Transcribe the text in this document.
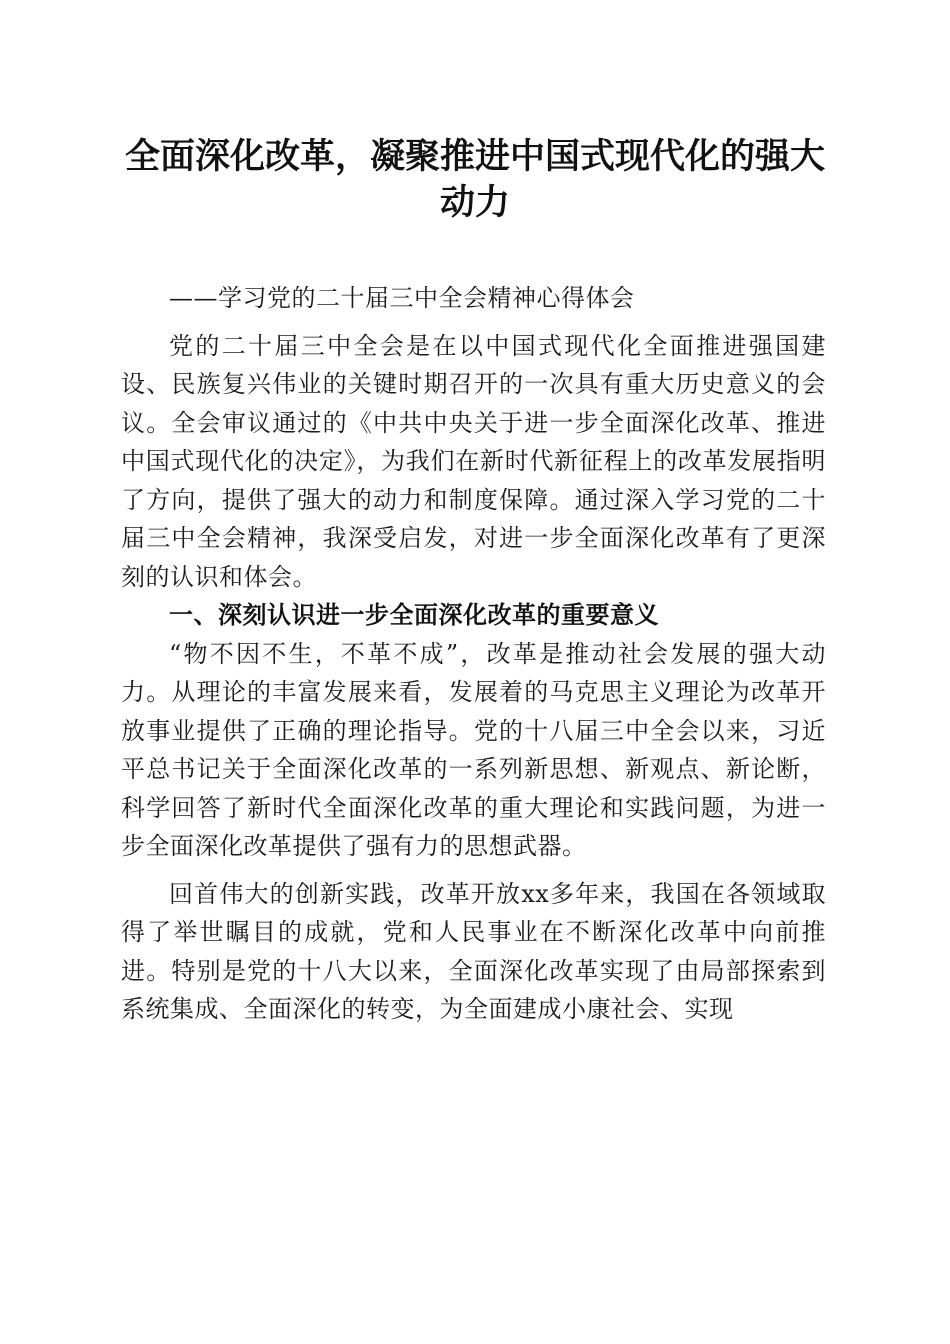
全面深化改革，凝聚推进中国式现代化的强大动力

——学习党的二十届三中全会精神心得体会

党的二十届三中全会是在以中国式现代化全面推进强国建设、民族复兴伟业的关键时期召开的一次具有重大历史意义的会议。全会审议通过的《中共中央关于进一步全面深化改革、推进中国式现代化的决定》，为我们在新时代新征程上的改革发展指明了方向，提供了强大的动力和制度保障。通过深入学习党的二十届三中全会精神，我深受启发，对进一步全面深化改革有了更深刻的认识和体会。

一、深刻认识进一步全面深化改革的重要意义

“物不因不生，不革不成”，改革是推动社会发展的强大动力。从理论的丰富发展来看，发展着的马克思主义理论为改革开放事业提供了正确的理论指导。党的十八届三中全会以来，习近平总书记关于全面深化改革的一系列新思想、新观点、新论断，科学回答了新时代全面深化改革的重大理论和实践问题，为进一步全面深化改革提供了强有力的思想武器。

回首伟大的创新实践，改革开放xx多年来，我国在各领域取得了举世瞩目的成就，党和人民事业在不断深化改革中向前推进。特别是党的十八大以来，全面深化改革实现了由局部探索到系统集成、全面深化的转变，为全面建成小康社会、实现
